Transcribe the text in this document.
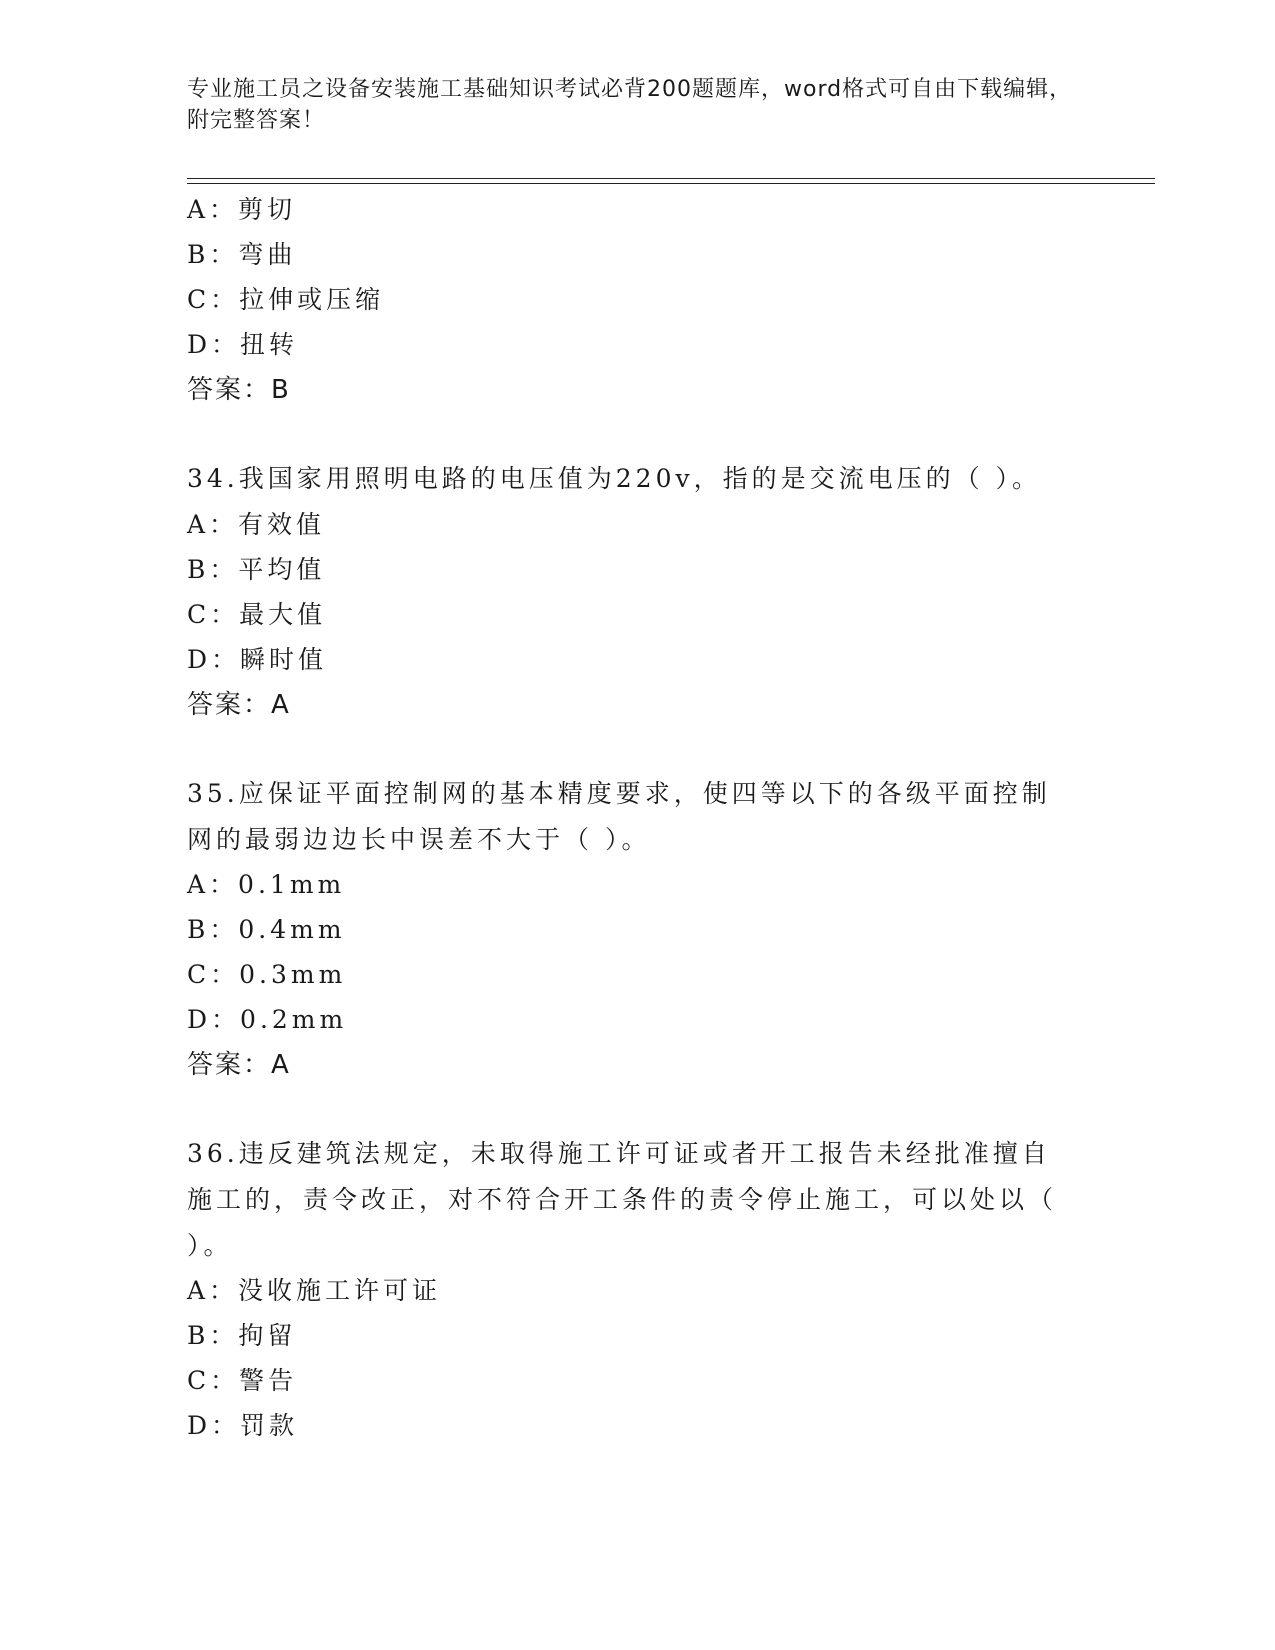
专业施工员之设备安装施工基础知识考试必背200题题库，word格式可自由下载编辑，附完整答案！
A：剪切
B：弯曲
C：拉伸或压缩
D：扭转
答案：B
34.我国家用照明电路的电压值为220v，指的是交流电压的（ ）。
A：有效值
B：平均值
C：最大值
D：瞬时值
答案：A
35.应保证平面控制网的基本精度要求，使四等以下的各级平面控制网的最弱边边长中误差不大于（ ）。
A：0.1mm
B：0.4mm
C：0.3mm
D：0.2mm
答案：A
36.违反建筑法规定，未取得施工许可证或者开工报告未经批准擅自施工的，责令改正，对不符合开工条件的责令停止施工，可以处以（ ）。
A：没收施工许可证
B：拘留
C：警告
D：罚款
